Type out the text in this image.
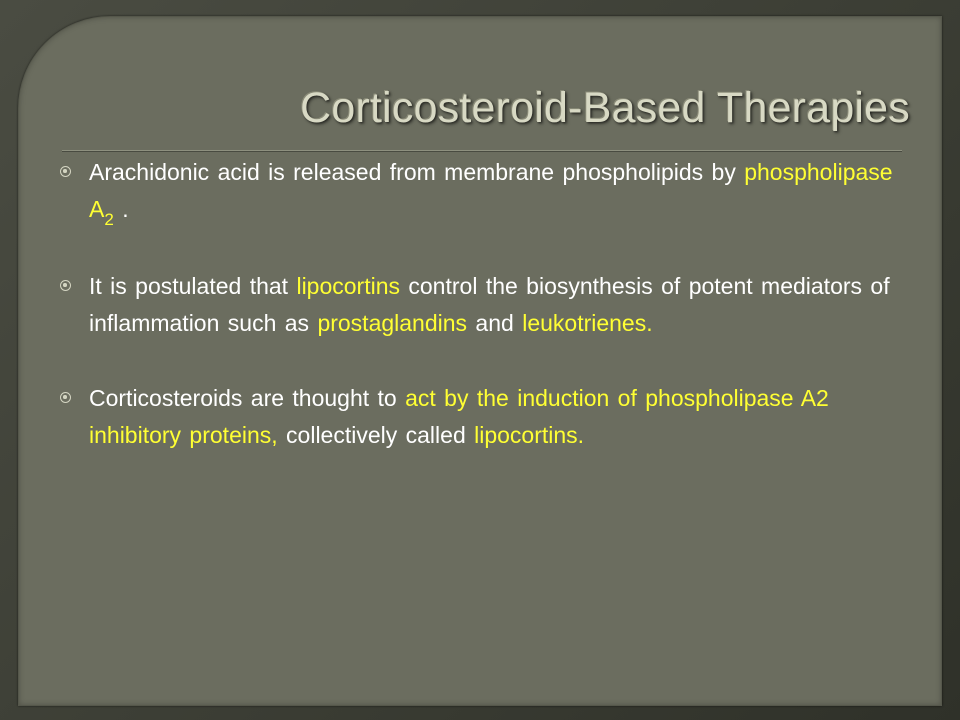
Corticosteroid-Based Therapies
Arachidonic acid is released from membrane phospholipids by phospholipase $A_2$ .
It is postulated that lipocortins control the biosynthesis of potent mediators of inflammation such as prostaglandins and leukotrienes.
Corticosteroids are thought to act by the induction of phospholipase A2 inhibitory proteins, collectively called lipocortins.
